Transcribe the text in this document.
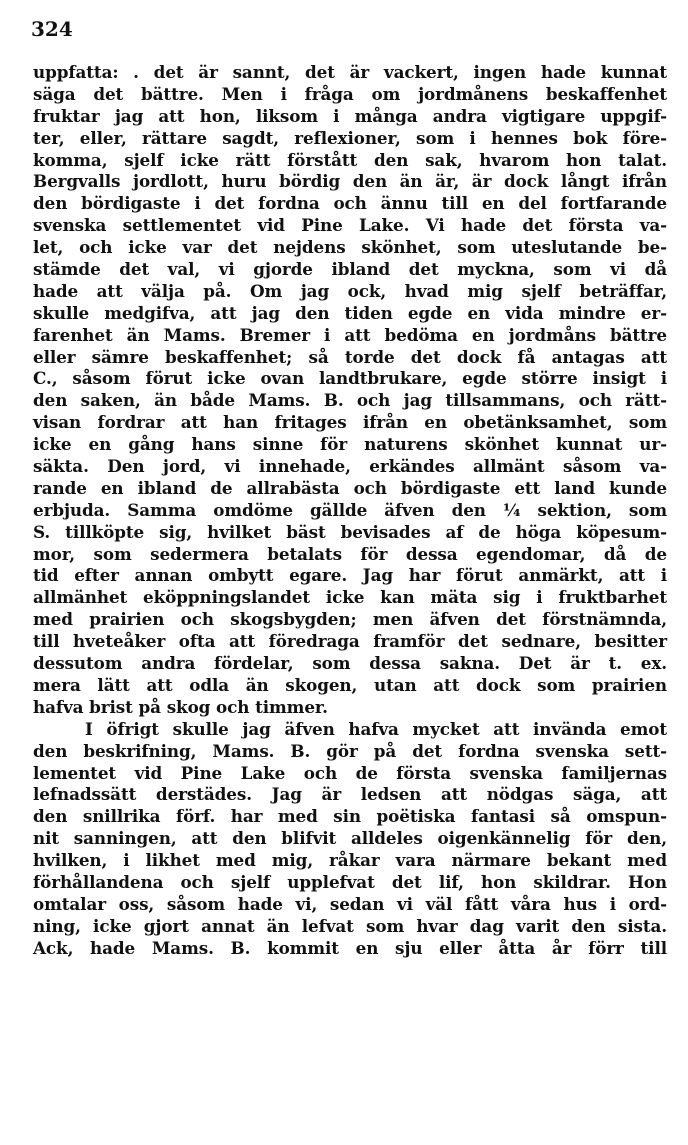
324
uppfatta: . det är sannt, det är vackert, ingen hade kunnat
säga det bättre. Men i fråga om jordmånens beskaffenhet
fruktar jag att hon, liksom i många andra vigtigare uppgif-
ter, eller, rättare sagdt, reflexioner, som i hennes bok före-
komma, sjelf icke rätt förstått den sak, hvarom hon talat.
Bergvalls jordlott, huru bördig den än är, är dock långt ifrån
den bördigaste i det fordna och ännu till en del fortfarande
svenska settlementet vid Pine Lake. Vi hade det första va-
let, och icke var det nejdens skönhet, som uteslutande be-
stämde det val, vi gjorde ibland det myckna, som vi då
hade att välja på. Om jag ock, hvad mig sjelf beträffar,
skulle medgifva, att jag den tiden egde en vida mindre er-
farenhet än Mams. Bremer i att bedöma en jordmåns bättre
eller sämre beskaffenhet; så torde det dock få antagas att
C., såsom förut icke ovan landtbrukare, egde större insigt i
den saken, än både Mams. B. och jag tillsammans, och rätt-
visan fordrar att han fritages ifrån en obetänksamhet, som
icke en gång hans sinne för naturens skönhet kunnat ur-
säkta. Den jord, vi innehade, erkändes allmänt såsom va-
rande en ibland de allrabästa och bördigaste ett land kunde
erbjuda. Samma omdöme gällde äfven den ¼ sektion, som
S. tillköpte sig, hvilket bäst bevisades af de höga köpesum-
mor, som sedermera betalats för dessa egendomar, då de
tid efter annan ombytt egare. Jag har förut anmärkt, att i
allmänhet eköppningslandet icke kan mäta sig i fruktbarhet
med prairien och skogsbygden; men äfven det förstnämnda,
till hveteåker ofta att föredraga framför det sednare, besitter
dessutom andra fördelar, som dessa sakna. Det är t. ex.
mera lätt att odla än skogen, utan att dock som prairien
hafva brist på skog och timmer.
I öfrigt skulle jag äfven hafva mycket att invända emot
den beskrifning, Mams. B. gör på det fordna svenska sett-
lementet vid Pine Lake och de första svenska familjernas
lefnadssätt derstädes. Jag är ledsen att nödgas säga, att
den snillrika förf. har med sin poëtiska fantasi så omspun-
nit sanningen, att den blifvit alldeles oigenkännelig för den,
hvilken, i likhet med mig, råkar vara närmare bekant med
förhållandena och sjelf upplefvat det lif, hon skildrar. Hon
omtalar oss, såsom hade vi, sedan vi väl fått våra hus i ord-
ning, icke gjort annat än lefvat som hvar dag varit den sista.
Ack, hade Mams. B. kommit en sju eller åtta år förr till
